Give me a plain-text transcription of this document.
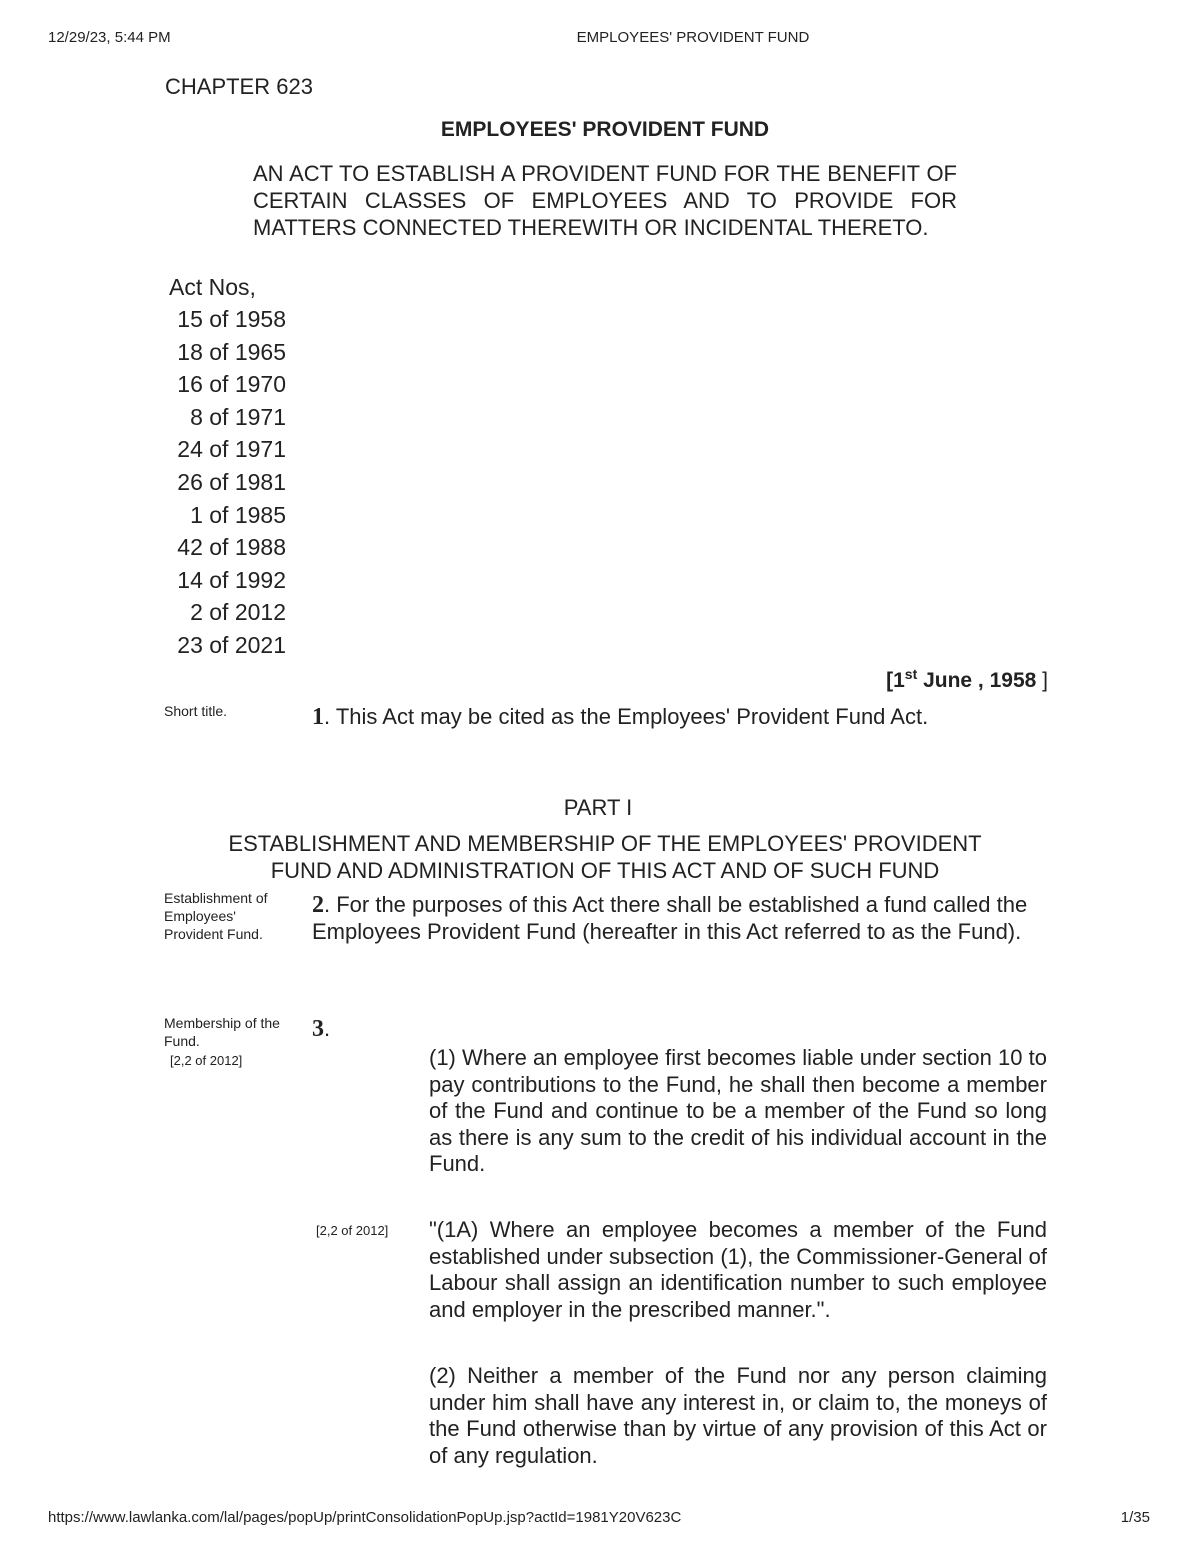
12/29/23, 5:44 PM	EMPLOYEES' PROVIDENT FUND
CHAPTER 623
EMPLOYEES' PROVIDENT FUND
AN ACT TO ESTABLISH A PROVIDENT FUND FOR THE BENEFIT OF CERTAIN CLASSES OF EMPLOYEES AND TO PROVIDE FOR MATTERS CONNECTED THEREWITH OR INCIDENTAL THERETO.
Act Nos,
15 of 1958
18 of 1965
16 of 1970
8 of 1971
24 of 1971
26 of 1981
1 of 1985
42 of 1988
14 of 1992
2 of 2012
23 of 2021
[1st June , 1958 ]
Short title.	1. This Act may be cited as the Employees' Provident Fund Act.
PART I
ESTABLISHMENT AND MEMBERSHIP OF THE EMPLOYEES' PROVIDENT
FUND AND ADMINISTRATION OF THIS ACT AND OF SUCH FUND
Establishment of Employees' Provident Fund.
2. For the purposes of this Act there shall be established a fund called the Employees Provident Fund (hereafter in this Act referred to as the Fund).
Membership of the Fund.
[2,2 of 2012]
3.
(1) Where an employee first becomes liable under section 10 to pay contributions to the Fund, he shall then become a member of the Fund and continue to be a member of the Fund so long as there is any sum to the credit of his individual account in the Fund.
[2,2 of 2012] "(1A) Where an employee becomes a member of the Fund established under subsection (1), the Commissioner-General of Labour shall assign an identification number to such employee and employer in the prescribed manner.".
(2) Neither a member of the Fund nor any person claiming under him shall have any interest in, or claim to, the moneys of the Fund otherwise than by virtue of any provision of this Act or of any regulation.
https://www.lawlanka.com/lal/pages/popUp/printConsolidationPopUp.jsp?actId=1981Y20V623C	1/35
